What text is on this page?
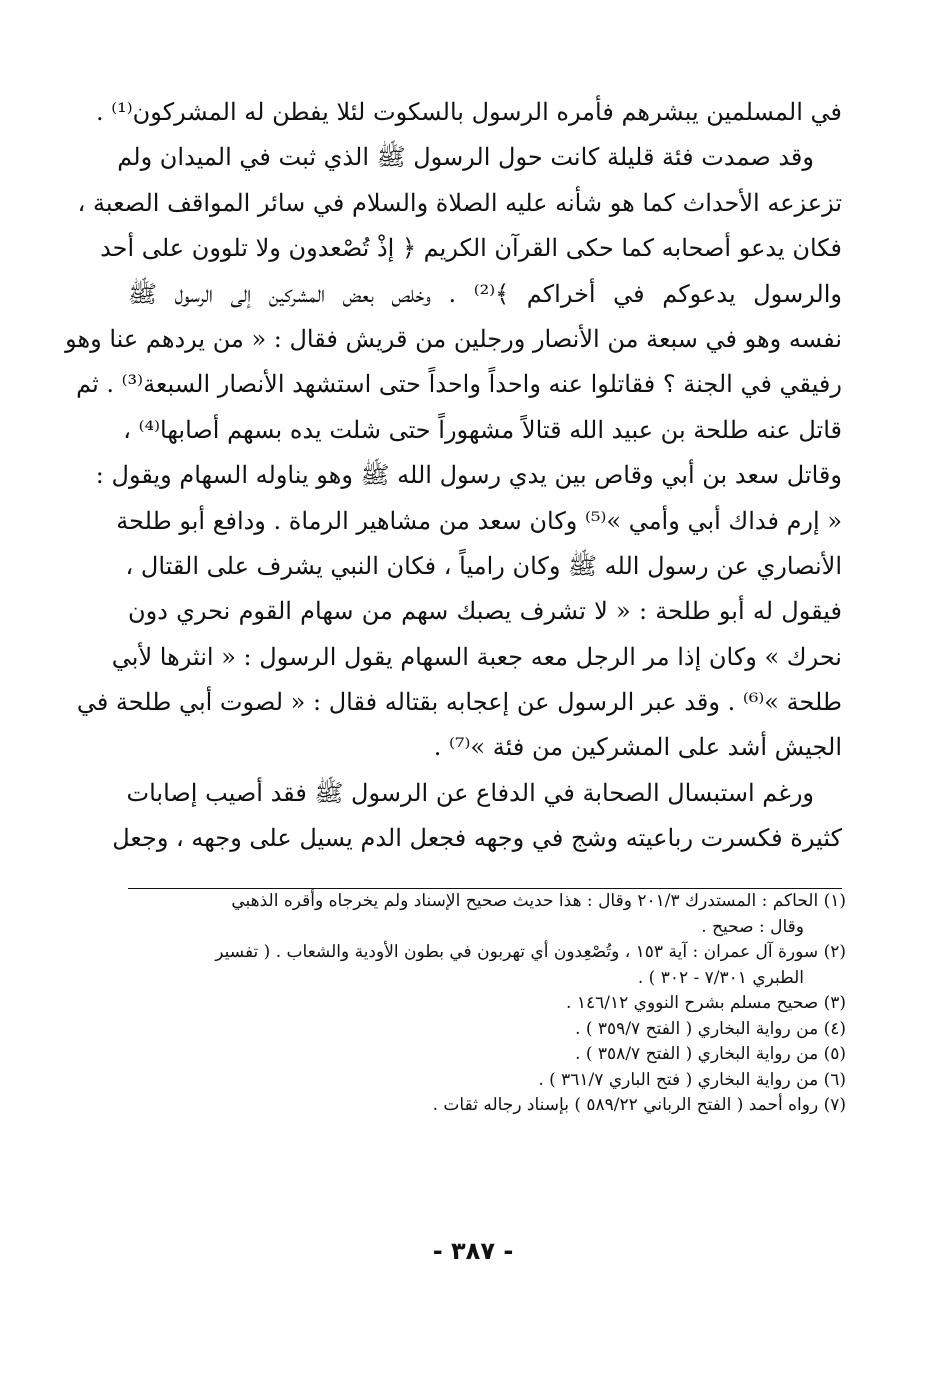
في المسلمين يبشرهم فأمره الرسول بالسكوت لئلا يفطن له المشركون⁽¹⁾ .
وقد صمدت فئة قليلة كانت حول الرسول ﷺ الذي ثبت في الميدان ولم
تزعزعه الأحداث كما هو شأنه عليه الصلاة والسلام في سائر المواقف الصعبة ،
فكان يدعو أصحابه كما حكى القرآن الكريم ﴿ إذْ تُصْعدون ولا تلوون على أحد
والرسول يدعوكم في أخراكم ﴾⁽²⁾ . وخلص بعض المشركين إلى الرسول ﷺ
نفسه وهو في سبعة من الأنصار ورجلين من قريش فقال : « من يردهم عنا وهو
رفيقي في الجنة ؟ فقاتلوا عنه واحداً واحداً حتى استشهد الأنصار السبعة⁽³⁾ . ثم
قاتل عنه طلحة بن عبيد الله قتالاً مشهوراً حتى شلت يده بسهم أصابها⁽⁴⁾ ،
وقاتل سعد بن أبي وقاص بين يدي رسول الله ﷺ وهو يناوله السهام ويقول :
« إرم فداك أبي وأمي »⁽⁵⁾ وكان سعد من مشاهير الرماة . ودافع أبو طلحة
الأنصاري عن رسول الله ﷺ وكان رامياً ، فكان النبي يشرف على القتال ،
فيقول له أبو طلحة : « لا تشرف يصبك سهم من سهام القوم نحري دون
نحرك » وكان إذا مر الرجل معه جعبة السهام يقول الرسول : « انثرها لأبي
طلحة »⁽⁶⁾ . وقد عبر الرسول عن إعجابه بقتاله فقال : « لصوت أبي طلحة في
الجيش أشد على المشركين من فئة »⁽⁷⁾ .
ورغم استبسال الصحابة في الدفاع عن الرسول ﷺ فقد أصيب إصابات
كثيرة فكسرت رباعيته وشج في وجهه فجعل الدم يسيل على وجهه ، وجعل
(١) الحاكم : المستدرك ٢٠١/٣ وقال : هذا حديث صحيح الإسناد ولم يخرجاه وأقره الذهبي
وقال : صحيح .
(٢) سورة آل عمران : آية ١٥٣ ، وتُصْعِدون أي تهربون في بطون الأودية والشعاب . ( تفسير
الطبري ٧/٣٠١ - ٣٠٢ ) .
(٣) صحيح مسلم بشرح النووي ١٤٦/١٢ .
(٤) من رواية البخاري ( الفتح ٣٥٩/٧ ) .
(٥) من رواية البخاري ( الفتح ٣٥٨/٧ ) .
(٦) من رواية البخاري ( فتح الباري ٣٦١/٧ ) .
(٧) رواه أحمد ( الفتح الرباني ٥٨٩/٢٢ ) بإسناد رجاله ثقات .
- ٣٨٧ -
